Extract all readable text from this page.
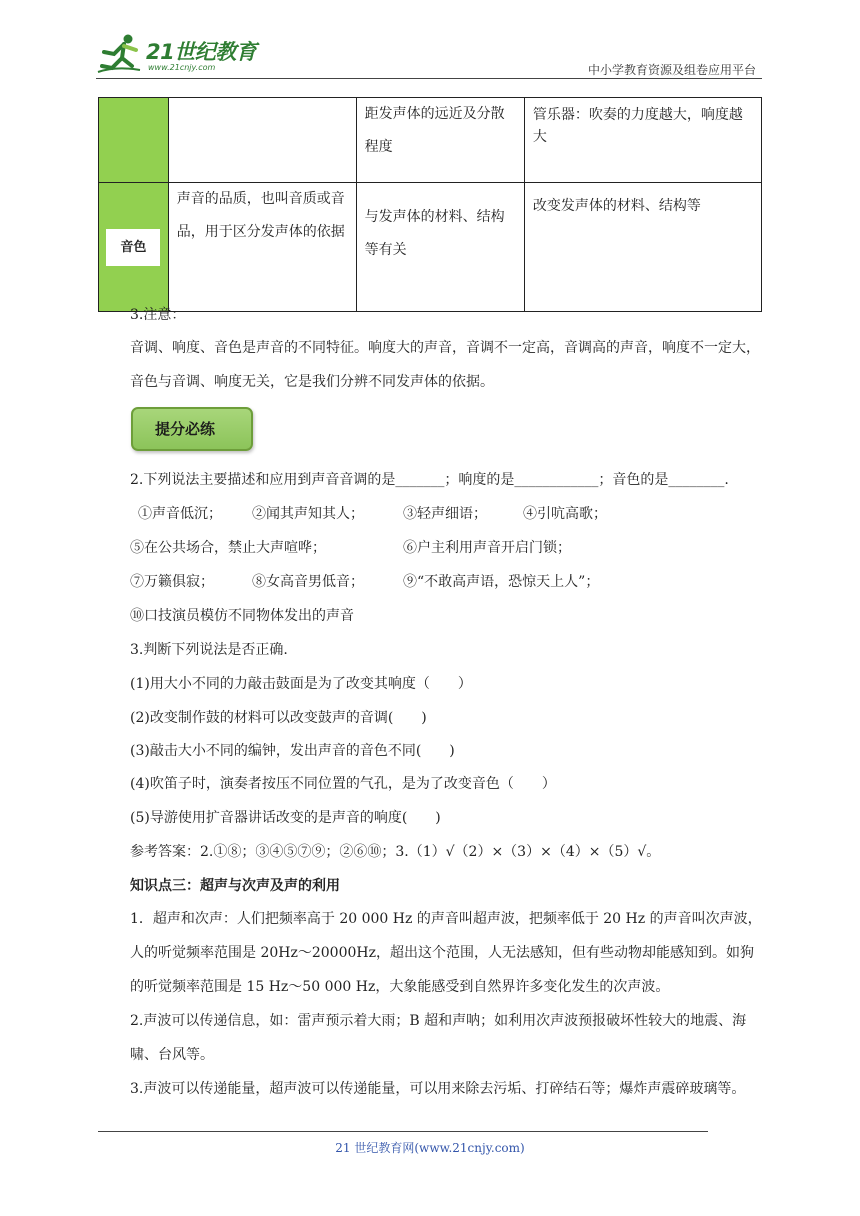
21世纪教育
www.21cnjy.com	中小学教育资源及组卷应用平台
		距发声体的远近及分散程度	管乐器：吹奏的力度越大，响度越大
音色	声音的品质，也叫音质或音品，用于区分发声体的依据	与发声体的材料、结构等有关	改变发声体的材料、结构等
3.注意：
音调、响度、音色是声音的不同特征。响度大的声音，音调不一定高，音调高的声音，响度不一定大，音色与音调、响度无关，它是我们分辨不同发声体的依据。
提分必练
2.下列说法主要描述和应用到声音音调的是_______；响度的是____________；音色的是________.
①声音低沉； ②闻其声知其人；	③轻声细语；	④引吭高歌；
⑤在公共场合，禁止大声喧哗；	⑥户主利用声音开启门锁；
⑦万籁俱寂；	⑧女高音男低音；	⑨“不敢高声语，恐惊天上人”；
⑩口技演员模仿不同物体发出的声音
3.判断下列说法是否正确.
(1)用大小不同的力敲击鼓面是为了改变其响度（　　）
(2)改变制作鼓的材料可以改变鼓声的音调(　　)
(3)敲击大小不同的编钟，发出声音的音色不同(　　)
(4)吹笛子时，演奏者按压不同位置的气孔，是为了改变音色（　　）
(5)导游使用扩音器讲话改变的是声音的响度(　　)
参考答案：2.①⑧；③④⑤⑦⑨；②⑥⑩；3.（1）√（2）×（3）×（4）×（5）√。
知识点三：超声与次声及声的利用
1．超声和次声：人们把频率高于 20 000 Hz 的声音叫超声波，把频率低于 20 Hz 的声音叫次声波，人的听觉频率范围是 20Hz～20000Hz，超出这个范围，人无法感知，但有些动物却能感知到。如狗的听觉频率范围是 15 Hz～50 000 Hz，大象能感受到自然界许多变化发生的次声波。
2.声波可以传递信息，如：雷声预示着大雨；B 超和声呐；如利用次声波预报破坏性较大的地震、海啸、台风等。
3.声波可以传递能量，超声波可以传递能量，可以用来除去污垢、打碎结石等；爆炸声震碎玻璃等。
21 世纪教育网(www.21cnjy.com)
